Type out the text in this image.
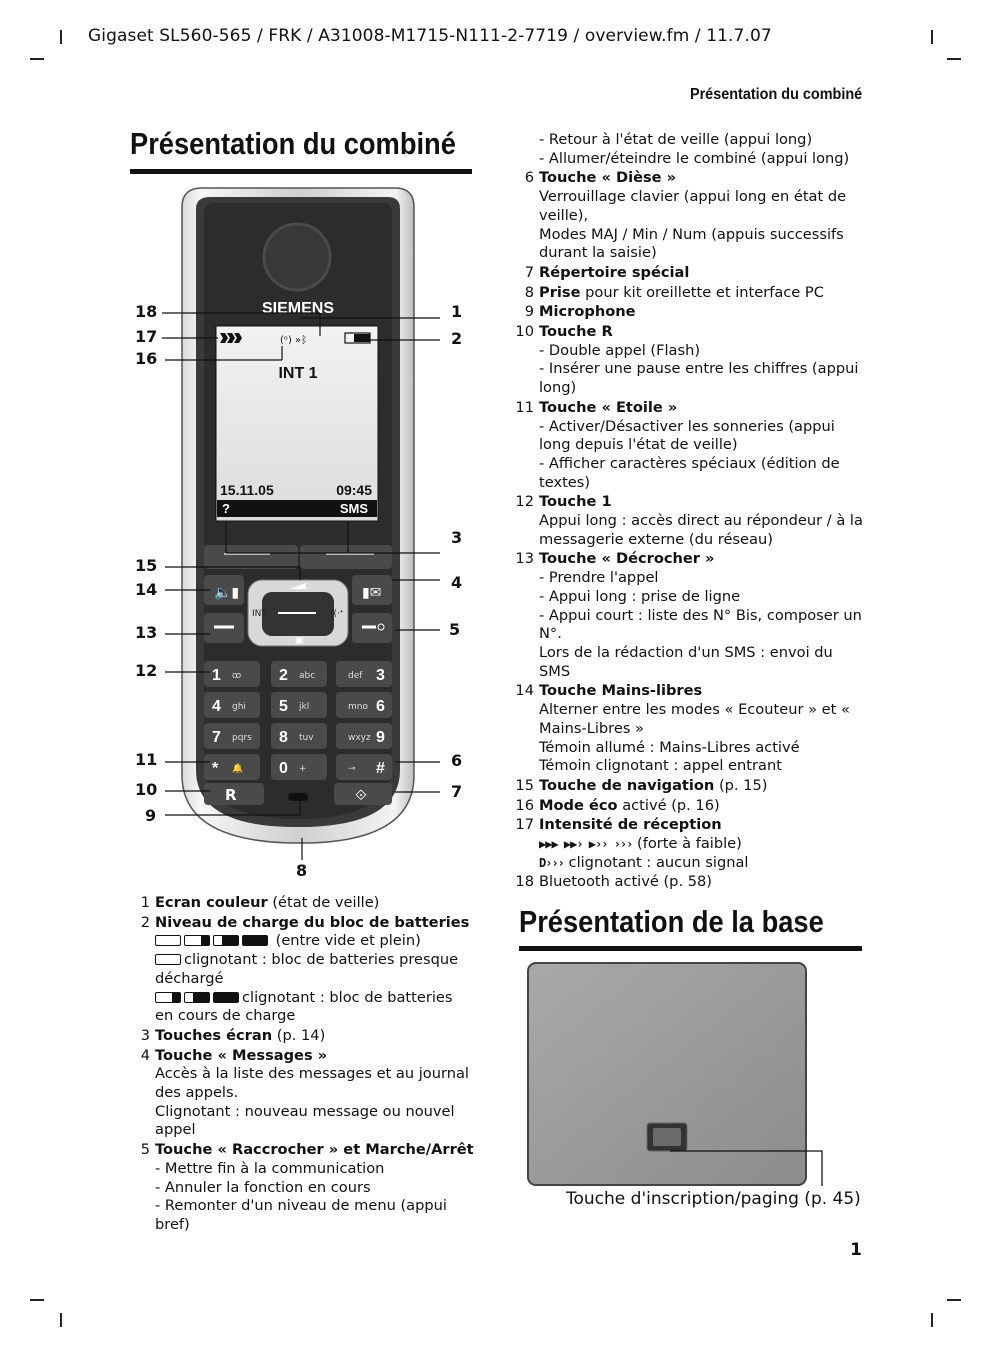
Gigaset SL560-565 / FRK / A31008-M1715-N111-2-7719 / overview.fm / 11.7.07
Présentation du combiné
Présentation du combiné
SIEMENS
(ᵒ) »ᛒ
INT 1
15.11.05	09:45
?	SMS
🔈▮	▮✉
INT	((·ᐩ
▣
1 ꝏ 2 abc	3
def
4 ghi 5 jkl	6
mno
7 pqrs 8 tuv	9
wxyz
* 🔔 0 +	#
⊸
R	⟐
18
17
16
1
2
3
15
14	4
13	5
12
11	6
10	7
9
8
1 Ecran couleur (état de veille)
2 Niveau de charge du bloc de batteries

(entre vide et plein)
clignotant : bloc de batteries presque déchargé

clignotant : bloc de batteries en cours de charge
3 Touches écran (p. 14)
4 Touche « Messages »
Accès à la liste des messages et au journal des appels.
Clignotant : nouveau message ou nouvel appel
5 Touche « Raccrocher » et Marche/Arrêt
- Mettre fin à la communication
- Annuler la fonction en cours
- Remonter d'un niveau de menu (appui bref)
- Retour à l'état de veille (appui long)
- Allumer/éteindre le combiné (appui long)
6 Touche « Dièse »
Verrouillage clavier (appui long en état de veille),
Modes MAJ / Min / Num (appuis successifs durant la saisie)
7 Répertoire spécial
8 Prise pour kit oreillette et interface PC
9 Microphone
10 Touche R
- Double appel (Flash)
- Insérer une pause entre les chiffres (appui long)
11 Touche « Etoile »
- Activer/Désactiver les sonneries (appui long depuis l'état de veille)
- Afficher caractères spéciaux (édition de textes)
12 Touche 1
Appui long : accès direct au répondeur / à la messagerie externe (du réseau)
13 Touche « Décrocher »
- Prendre l'appel
- Appui long : prise de ligne
- Appui court : liste des N° Bis, composer un N°.
Lors de la rédaction d'un SMS : envoi du SMS
14 Touche Mains-libres
Alterner entre les modes « Ecouteur » et « Mains-Libres »
Témoin allumé : Mains-Libres activé
Témoin clignotant : appel entrant
15 Touche de navigation (p. 15)
16 Mode éco activé (p. 16)
17 Intensité de réception
▶▶▶ ▶▶› ▶›› ››› (forte à faible)
D››› clignotant : aucun signal
18 Bluetooth activé (p. 58)
Présentation de la base
Touche d'inscription/paging (p. 45)
1
